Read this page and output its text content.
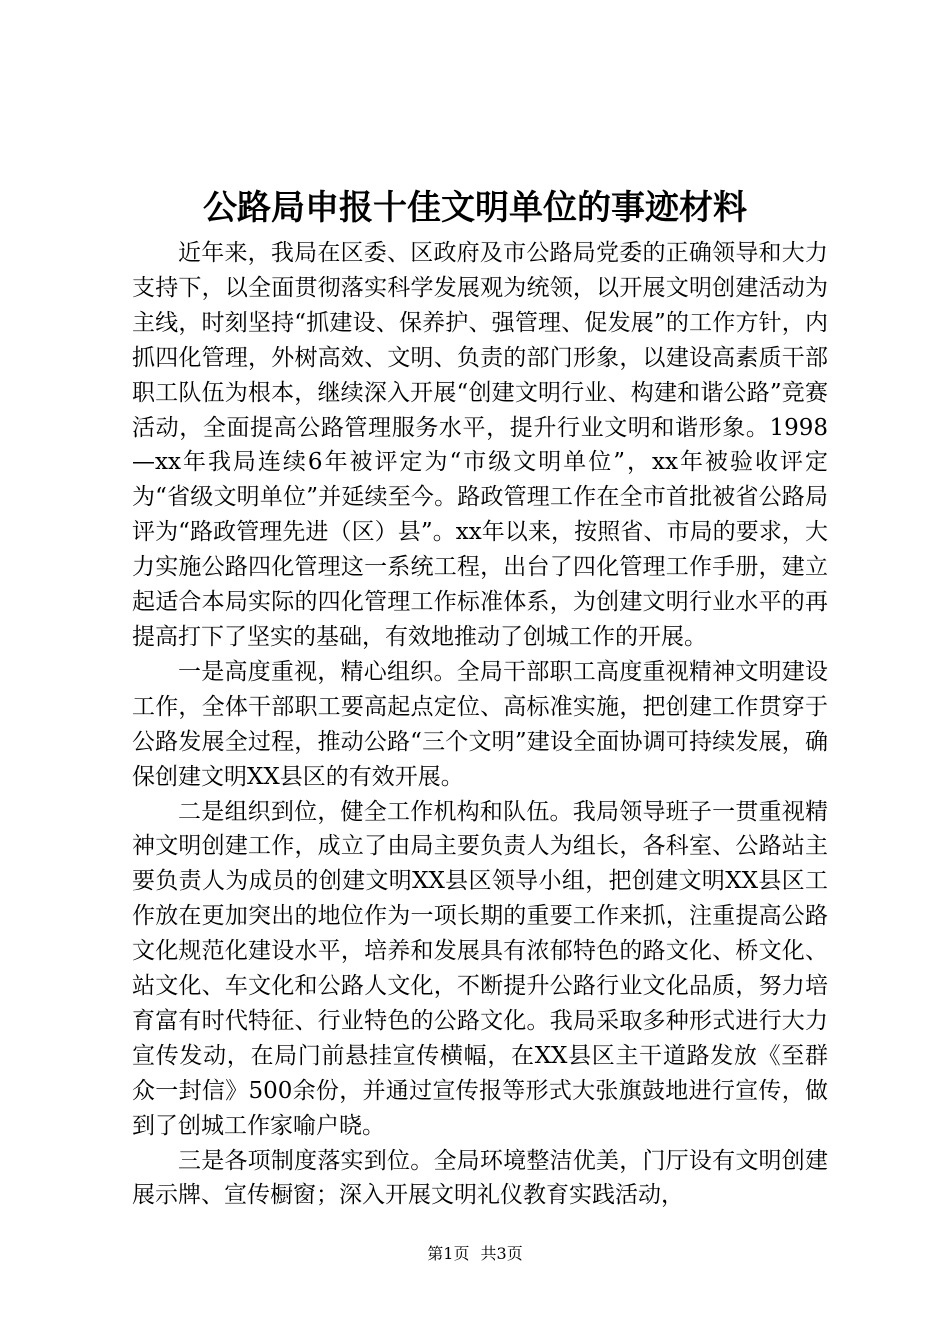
公路局申报十佳文明单位的事迹材料

近年来，我局在区委、区政府及市公路局党委的正确领导和大力支持下，以全面贯彻落实科学发展观为统领，以开展文明创建活动为主线，时刻坚持“抓建设、保养护、强管理、促发展”的工作方针，内抓四化管理，外树高效、文明、负责的部门形象，以建设高素质干部职工队伍为根本，继续深入开展“创建文明行业、构建和谐公路”竞赛活动，全面提高公路管理服务水平，提升行业文明和谐形象。1998—xx年我局连续6年被评定为“市级文明单位”，xx年被验收评定为“省级文明单位”并延续至今。路政管理工作在全市首批被省公路局评为“路政管理先进（区）县”。xx年以来，按照省、市局的要求，大力实施公路四化管理这一系统工程，出台了四化管理工作手册，建立起适合本局实际的四化管理工作标准体系，为创建文明行业水平的再提高打下了坚实的基础，有效地推动了创城工作的开展。

一是高度重视，精心组织。全局干部职工高度重视精神文明建设工作，全体干部职工要高起点定位、高标准实施，把创建工作贯穿于公路发展全过程，推动公路“三个文明”建设全面协调可持续发展，确保创建文明XX县区的有效开展。

二是组织到位，健全工作机构和队伍。我局领导班子一贯重视精神文明创建工作，成立了由局主要负责人为组长，各科室、公路站主要负责人为成员的创建文明XX县区领导小组，把创建文明XX县区工作放在更加突出的地位作为一项长期的重要工作来抓，注重提高公路文化规范化建设水平，培养和发展具有浓郁特色的路文化、桥文化、站文化、车文化和公路人文化，不断提升公路行业文化品质，努力培育富有时代特征、行业特色的公路文化。我局采取多种形式进行大力宣传发动，在局门前悬挂宣传横幅，在XX县区主干道路发放《至群众一封信》500余份，并通过宣传报等形式大张旗鼓地进行宣传，做到了创城工作家喻户晓。

三是各项制度落实到位。全局环境整洁优美，门厅设有文明创建展示牌、宣传橱窗；深入开展文明礼仪教育实践活动，

第1页 共3页
